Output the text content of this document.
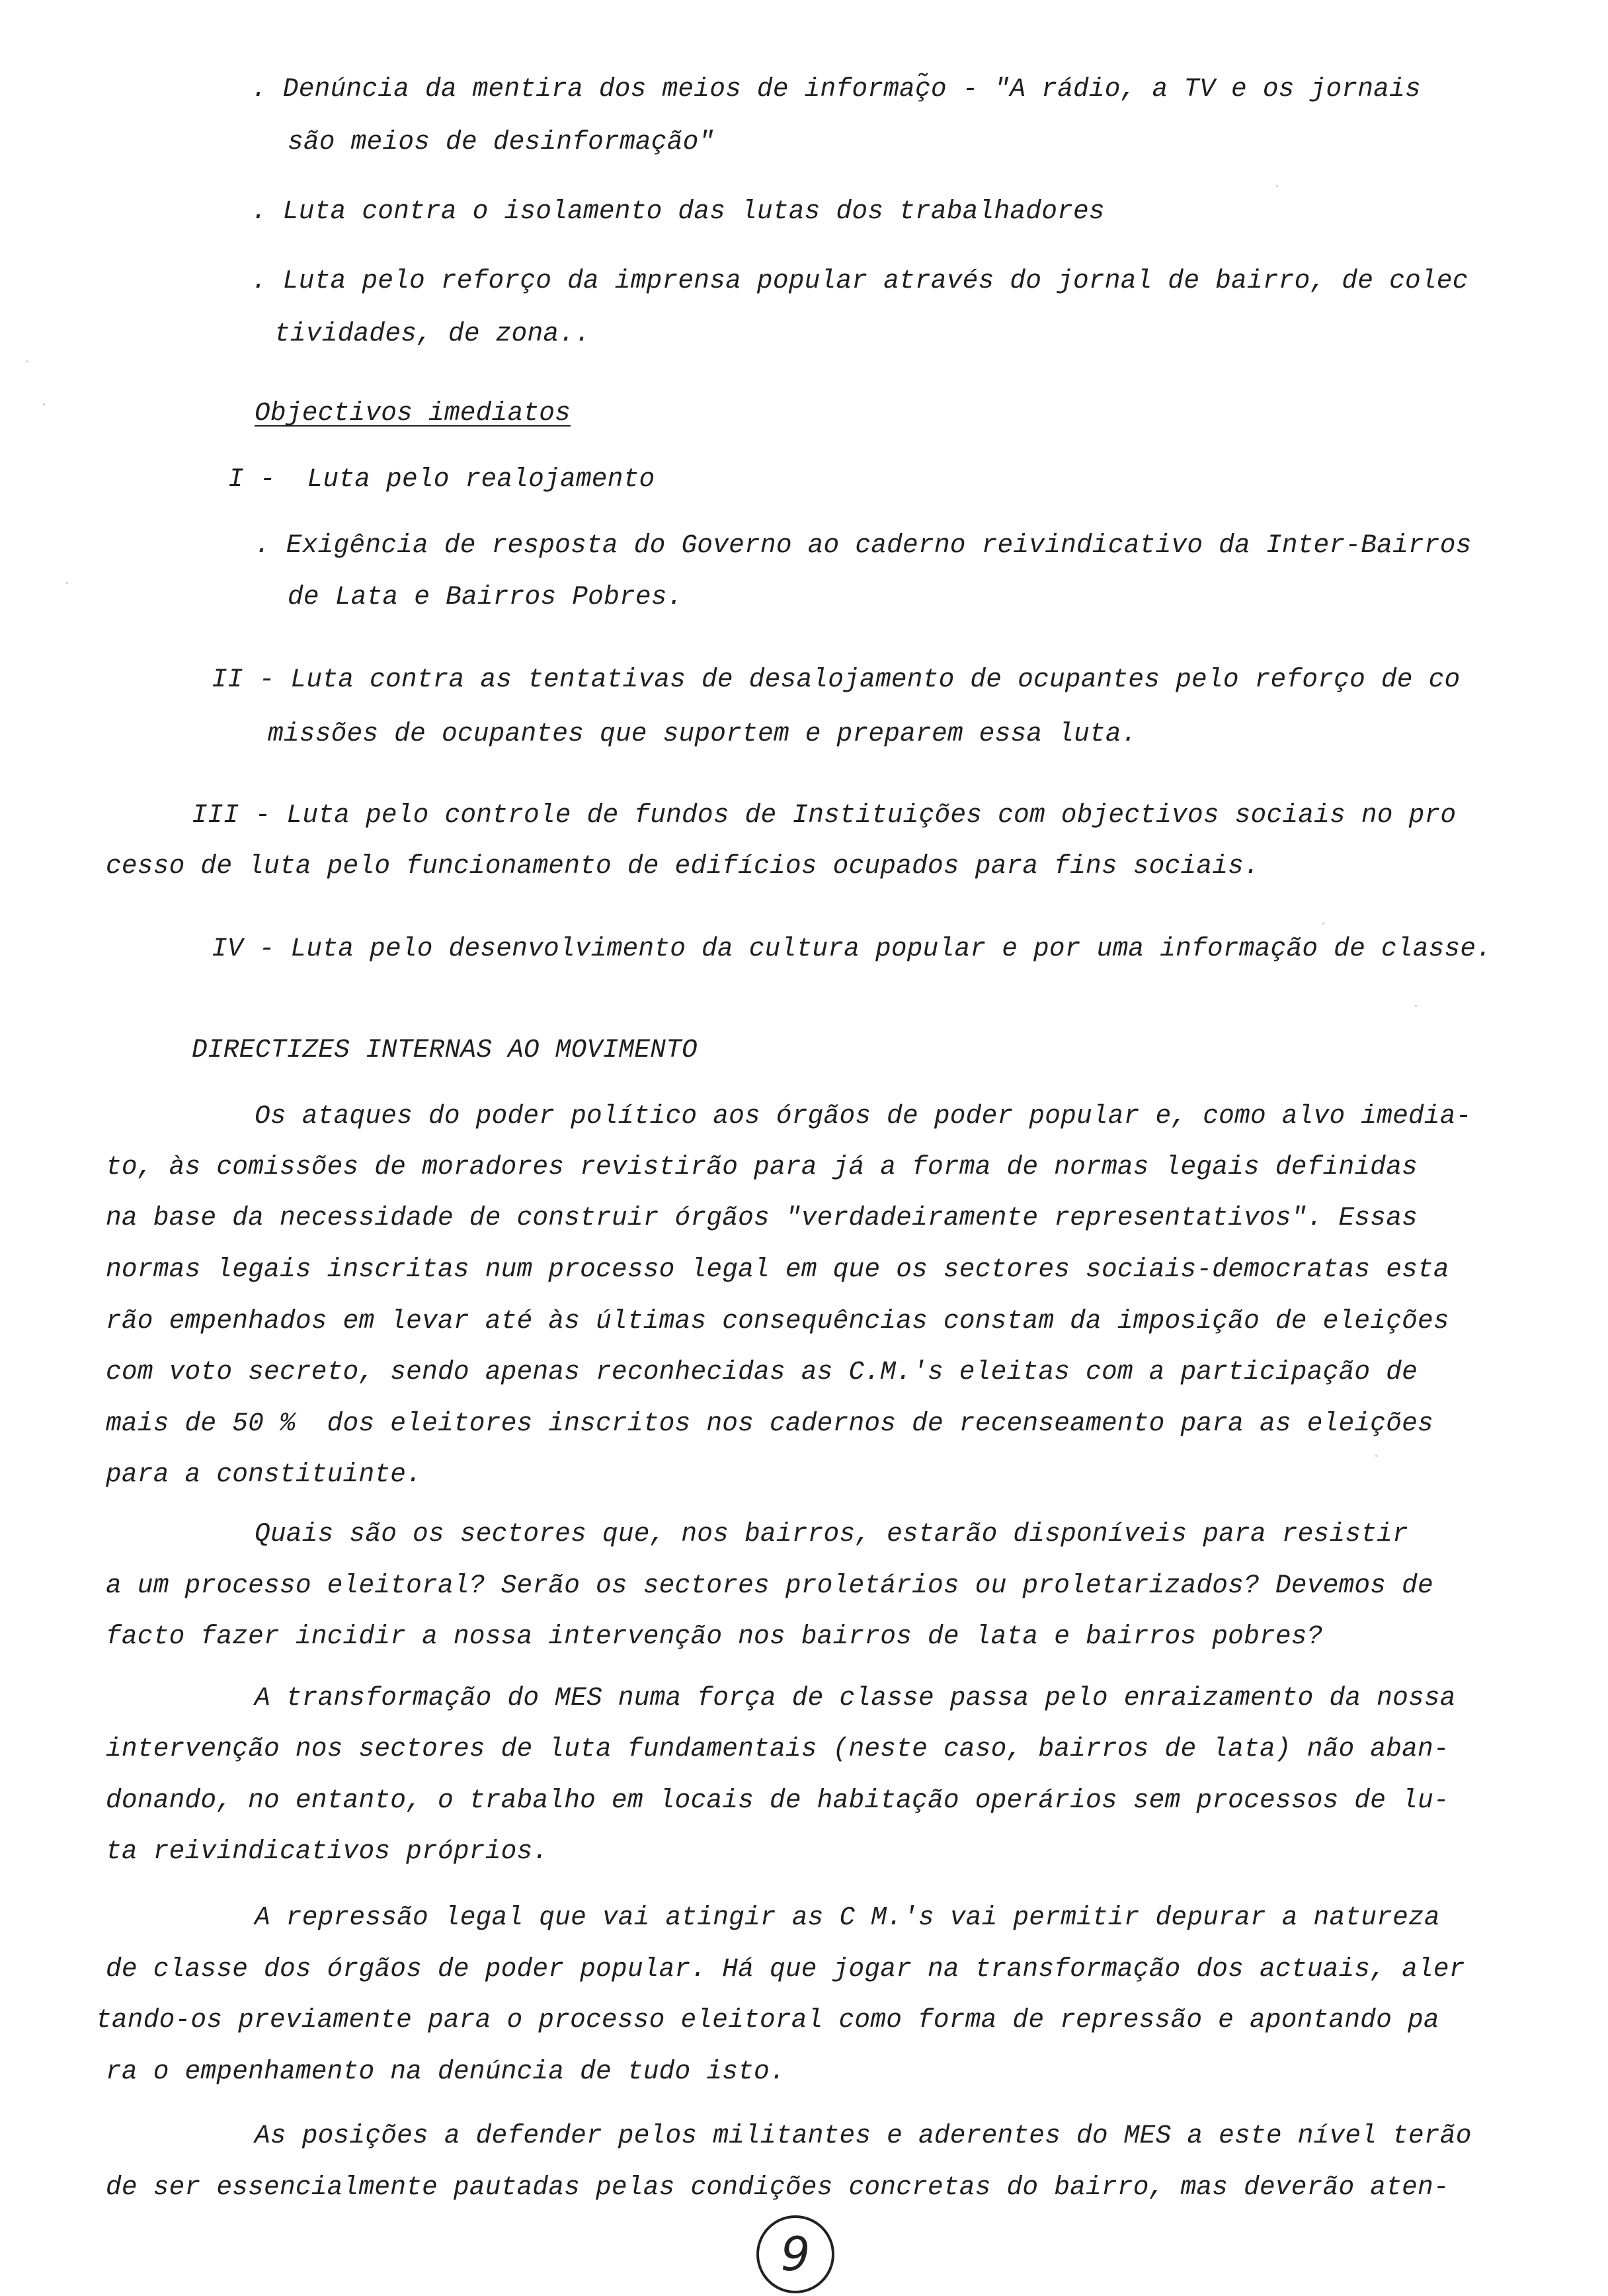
. Denúncia da mentira dos meios de informaç̃o - "A rádio, a TV e os jornais
são meios de desinformação"
. Luta contra o isolamento das lutas dos trabalhadores
. Luta pelo reforço da imprensa popular através do jornal de bairro, de colec
tividades, de zona..
Objectivos imediatos
I -  Luta pelo realojamento
. Exigência de resposta do Governo ao caderno reivindicativo da Inter-Bairros
de Lata e Bairros Pobres.
II - Luta contra as tentativas de desalojamento de ocupantes pelo reforço de co
missões de ocupantes que suportem e preparem essa luta.
III - Luta pelo controle de fundos de Instituições com objectivos sociais no pro
cesso de luta pelo funcionamento de edifícios ocupados para fins sociais.
IV - Luta pelo desenvolvimento da cultura popular e por uma informação de classe.
DIRECTIZES INTERNAS AO MOVIMENTO
Os ataques do poder político aos órgãos de poder popular e, como alvo imedia-
to, às comissões de moradores revistirão para já a forma de normas legais definidas
na base da necessidade de construir órgãos "verdadeiramente representativos". Essas
normas legais inscritas num processo legal em que os sectores sociais-democratas esta
rão empenhados em levar até às últimas consequências constam da imposição de eleições
com voto secreto, sendo apenas reconhecidas as C.M.'s eleitas com a participação de
mais de 50 %  dos eleitores inscritos nos cadernos de recenseamento para as eleições
para a constituinte.
Quais são os sectores que, nos bairros, estarão disponíveis para resistir
a um processo eleitoral? Serão os sectores proletários ou proletarizados? Devemos de
facto fazer incidir a nossa intervenção nos bairros de lata e bairros pobres?
A transformação do MES numa força de classe passa pelo enraizamento da nossa
intervenção nos sectores de luta fundamentais (neste caso, bairros de lata) não aban-
donando, no entanto, o trabalho em locais de habitação operários sem processos de lu-
ta reivindicativos próprios.
A repressão legal que vai atingir as C M.'s vai permitir depurar a natureza
de classe dos órgãos de poder popular. Há que jogar na transformação dos actuais, aler
tando-os previamente para o processo eleitoral como forma de repressão e apontando pa
ra o empenhamento na denúncia de tudo isto.
As posições a defender pelos militantes e aderentes do MES a este nível terão
de ser essencialmente pautadas pelas condições concretas do bairro, mas deverão aten-
9
